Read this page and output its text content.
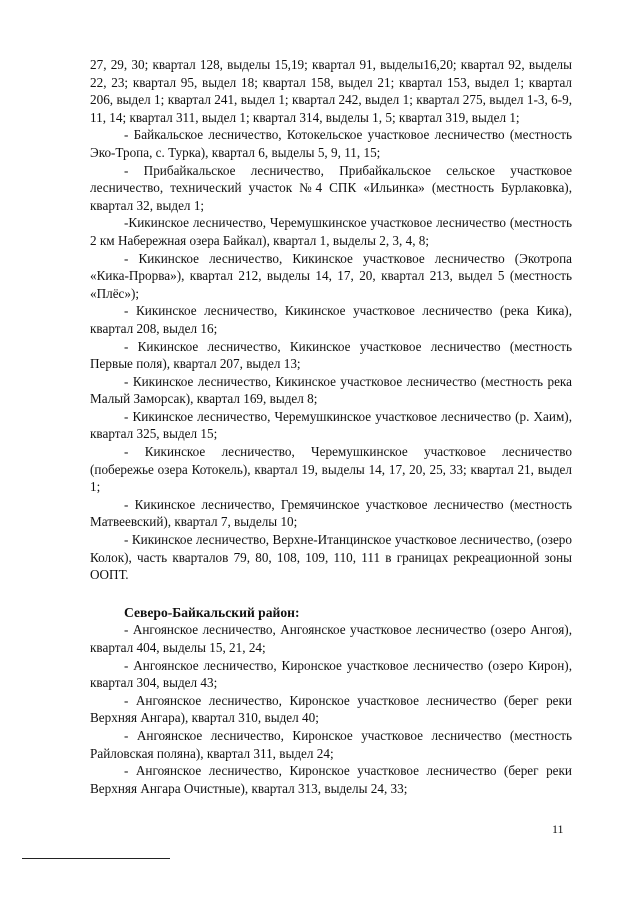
27, 29, 30; квартал 128, выделы 15,19; квартал 91, выделы16,20; квартал 92, выделы 22, 23; квартал 95, выдел 18; квартал 158, выдел 21; квартал 153, выдел 1; квартал 206, выдел 1; квартал 241, выдел 1; квартал 242, выдел 1; квартал 275, выдел 1-3, 6-9, 11, 14; квартал 311, выдел 1; квартал 314, выделы 1, 5; квартал 319, выдел 1;

- Байкальское лесничество, Котокельское участковое лесничество (местность Эко-Тропа, с. Турка), квартал 6, выделы 5, 9, 11, 15;

- Прибайкальское лесничество, Прибайкальское сельское участковое лесничество, технический участок №4 СПК «Ильинка» (местность Бурлаковка), квартал 32, выдел 1;

-Кикинское лесничество, Черемушкинское участковое лесничество (местность 2 км Набережная озера Байкал), квартал 1, выделы 2, 3, 4, 8;

- Кикинское лесничество, Кикинское участковое лесничество (Экотропа «Кика-Прорва»), квартал 212, выделы 14, 17, 20, квартал 213, выдел 5 (местность «Плёс»);

- Кикинское лесничество, Кикинское участковое лесничество (река Кика), квартал 208, выдел 16;

- Кикинское лесничество, Кикинское участковое лесничество (местность Первые поля), квартал 207, выдел 13;

- Кикинское лесничество, Кикинское участковое лесничество (местность река Малый Заморсак), квартал 169, выдел 8;

- Кикинское лесничество, Черемушкинское участковое лесничество (р. Хаим), квартал 325, выдел 15;

- Кикинское лесничество, Черемушкинское участковое лесничество (побережье озера Котокель), квартал 19, выделы 14, 17, 20, 25, 33; квартал 21, выдел 1;

- Кикинское лесничество, Гремячинское участковое лесничество (местность Матвеевский), квартал 7, выделы 10;

- Кикинское лесничество, Верхне-Итанцинское участковое лесничество, (озеро Колок), часть кварталов 79, 80, 108, 109, 110, 111 в границах рекреационной зоны ООПТ.

Северо-Байкальский район:

- Ангоянское лесничество, Ангоянское участковое лесничество (озеро Ангоя), квартал 404, выделы 15, 21, 24;

- Ангоянское лесничество, Киронское участковое лесничество (озеро Кирон), квартал 304, выдел 43;

- Ангоянское лесничество, Киронское участковое лесничество (берег реки Верхняя Ангара), квартал 310, выдел 40;

- Ангоянское лесничество, Киронское участковое лесничество (местность Райловская поляна), квартал 311, выдел 24;

- Ангоянское лесничество, Киронское участковое лесничество (берег реки Верхняя Ангара Очистные), квартал 313, выделы 24, 33;

11
